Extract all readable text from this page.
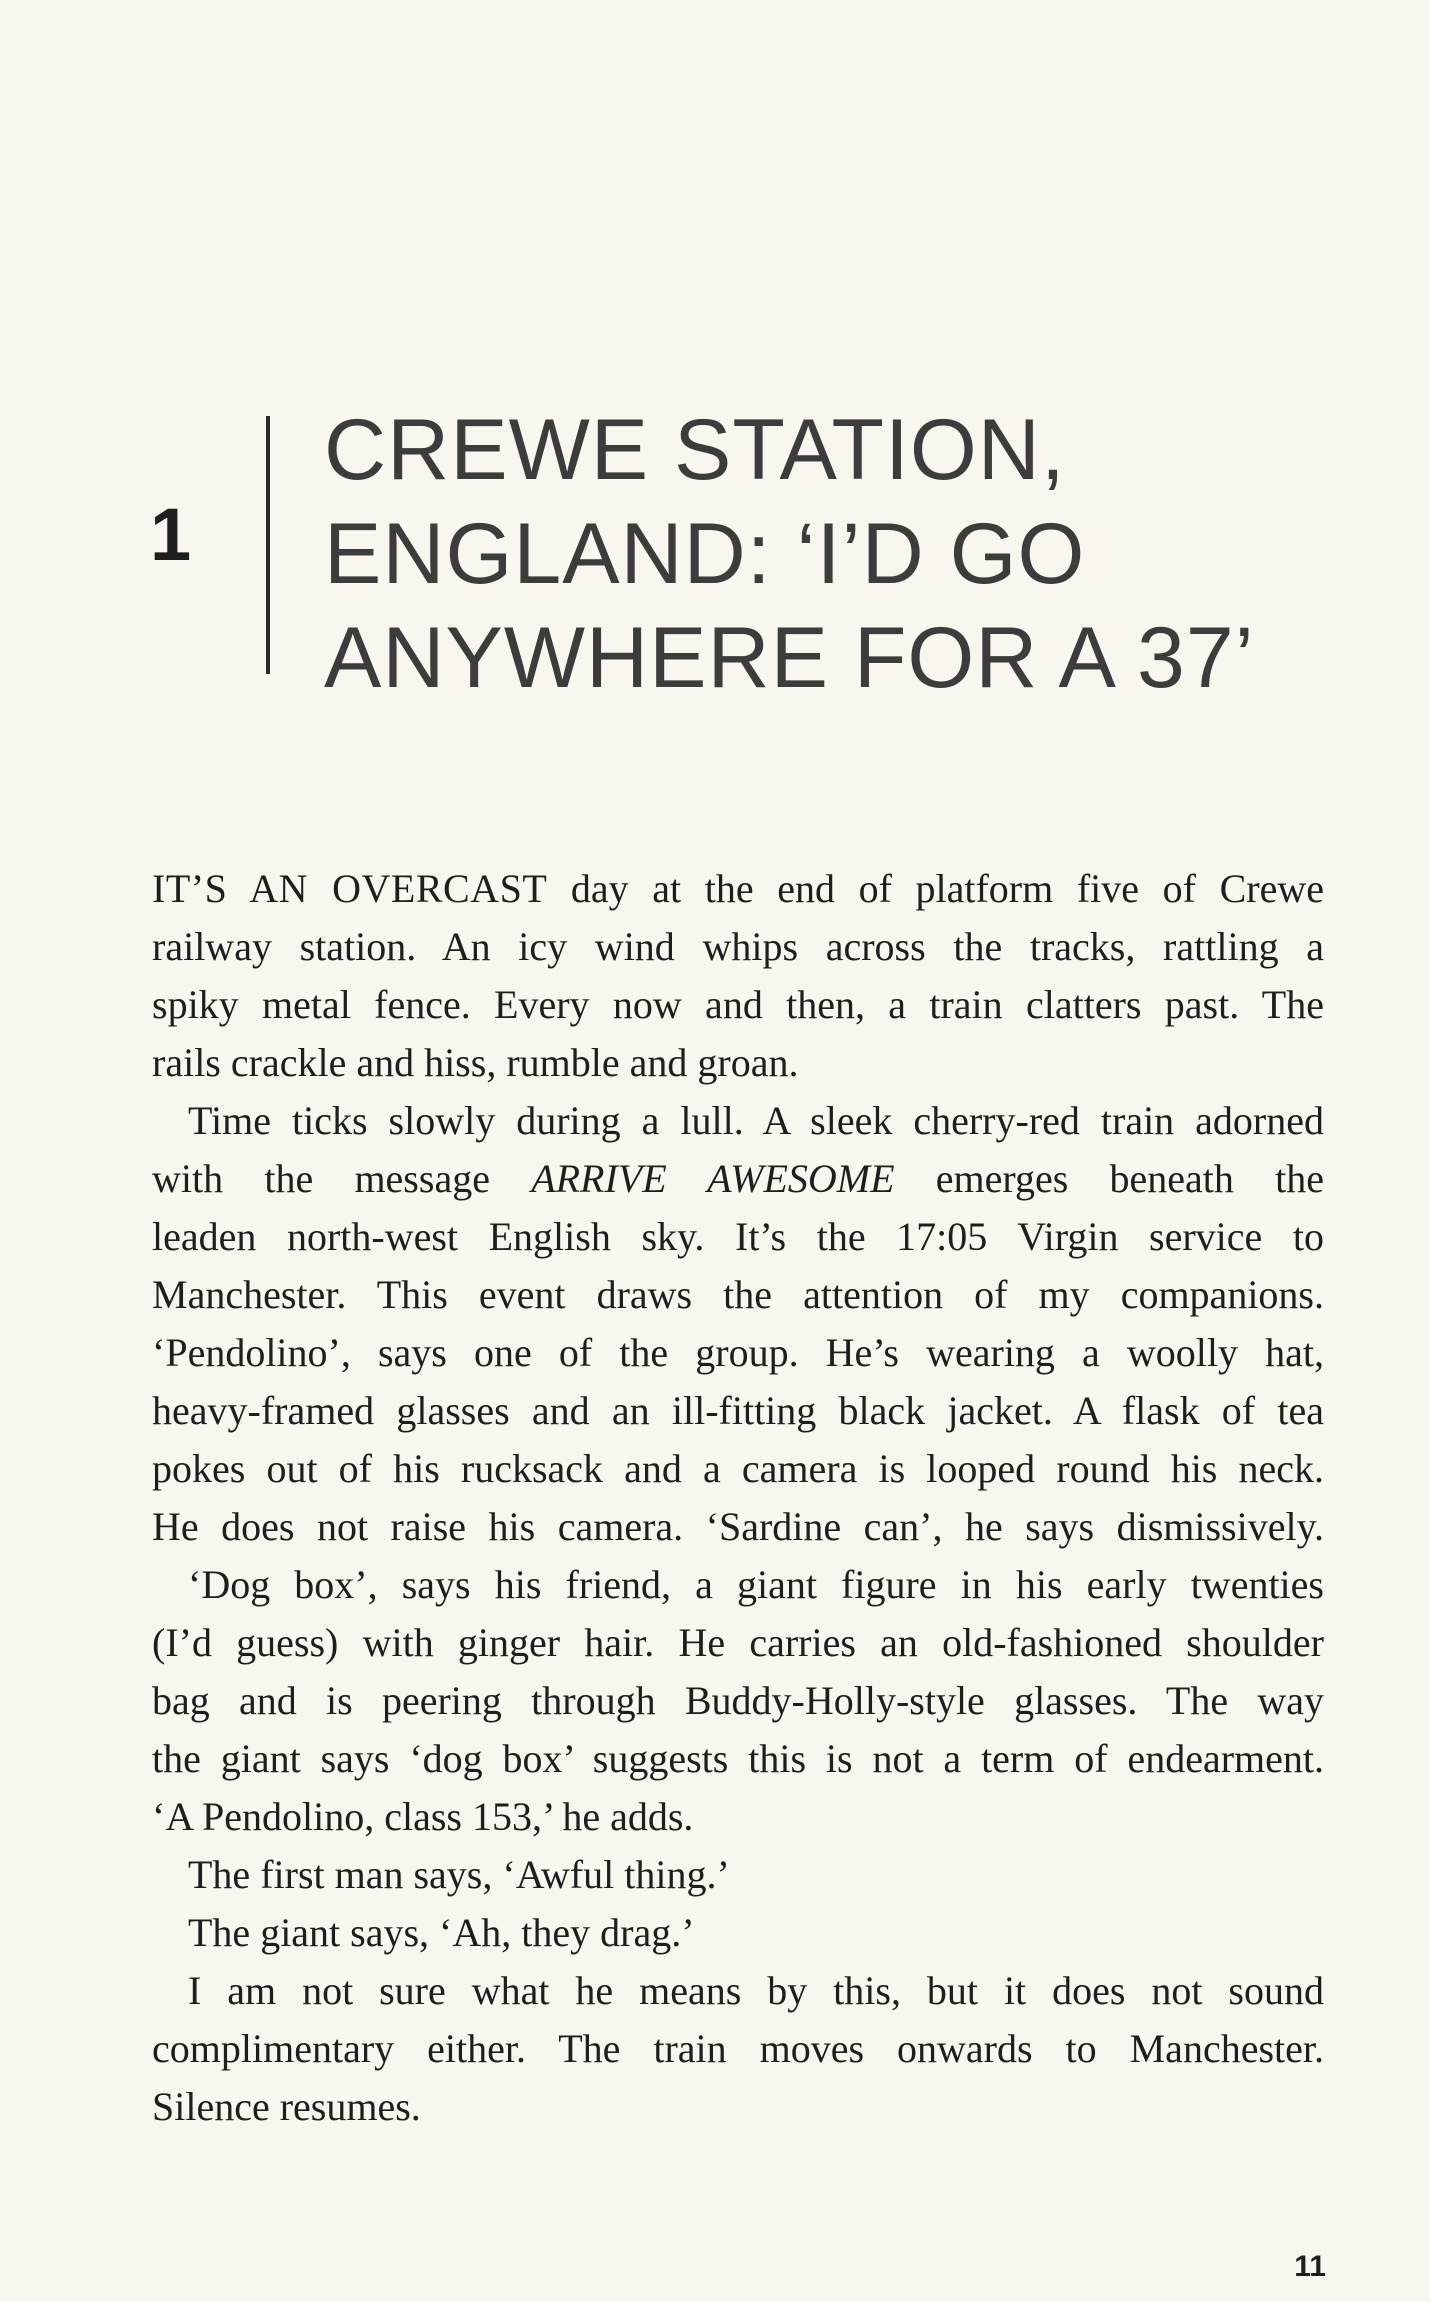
1
CREWE STATION,
ENGLAND: ‘I’D GO
ANYWHERE FOR A 37’
IT’S AN OVERCAST day at the end of platform five of Crewe
railway station. An icy wind whips across the tracks, rattling a
spiky metal fence. Every now and then, a train clatters past. The
rails crackle and hiss, rumble and groan.
Time ticks slowly during a lull. A sleek cherry-red train adorned
with the message ARRIVE AWESOME emerges beneath the
leaden north-west English sky. It’s the 17:05 Virgin service to
Manchester. This event draws the attention of my companions.
‘Pendolino’, says one of the group. He’s wearing a woolly hat,
heavy-framed glasses and an ill-fitting black jacket. A flask of tea
pokes out of his rucksack and a camera is looped round his neck.
He does not raise his camera. ‘Sardine can’, he says dismissively.
‘Dog box’, says his friend, a giant figure in his early twenties
(I’d guess) with ginger hair. He carries an old-fashioned shoulder
bag and is peering through Buddy-Holly-style glasses. The way
the giant says ‘dog box’ suggests this is not a term of endearment.
‘A Pendolino, class 153,’ he adds.
The first man says, ‘Awful thing.’
The giant says, ‘Ah, they drag.’
I am not sure what he means by this, but it does not sound
complimentary either. The train moves onwards to Manchester.
Silence resumes.
11
